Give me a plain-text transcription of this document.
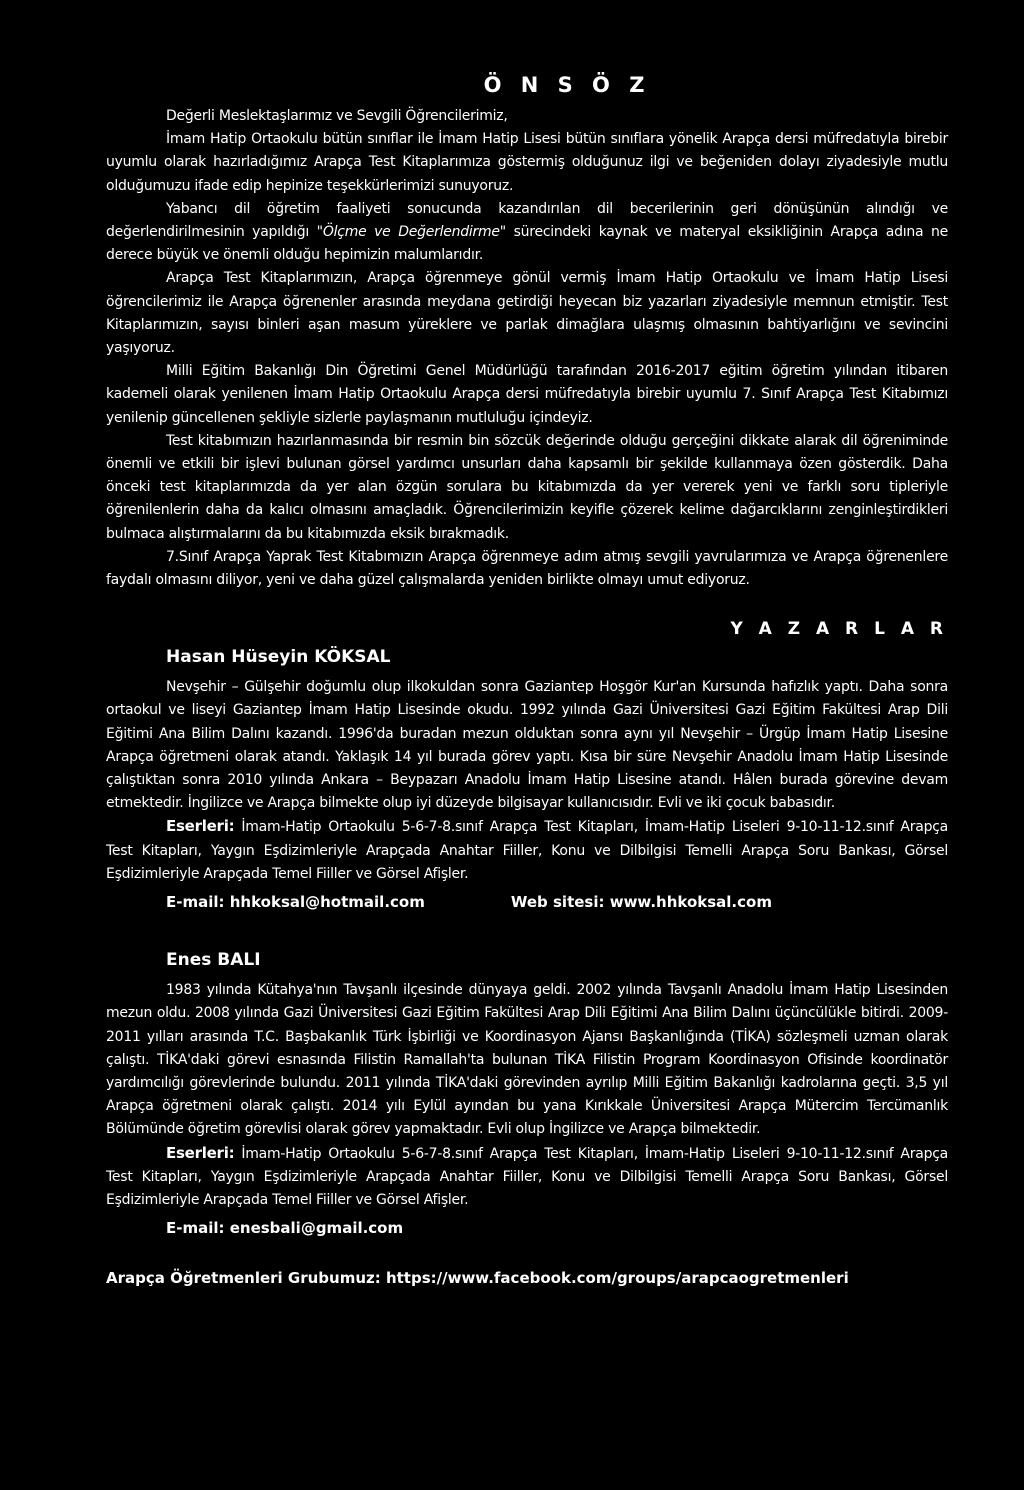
Ö N S Ö Z

Değerli Meslektaşlarımız ve Sevgili Öğrencilerimiz,

İmam Hatip Ortaokulu bütün sınıflar ile İmam Hatip Lisesi bütün sınıflara yönelik Arapça dersi müfredatıyla birebir uyumlu olarak hazırladığımız Arapça Test Kitaplarımıza göstermiş olduğunuz ilgi ve beğeniden dolayı ziyadesiyle mutlu olduğumuzu ifade edip hepinize teşekkürlerimizi sunuyoruz.

Yabancı dil öğretim faaliyeti sonucunda kazandırılan dil becerilerinin geri dönüşünün alındığı ve değerlendirilmesinin yapıldığı "Ölçme ve Değerlendirme" sürecindeki kaynak ve materyal eksikliğinin Arapça adına ne derece büyük ve önemli olduğu hepimizin malumlarıdır.

Arapça Test Kitaplarımızın, Arapça öğrenmeye gönül vermiş İmam Hatip Ortaokulu ve İmam Hatip Lisesi öğrencilerimiz ile Arapça öğrenenler arasında meydana getirdiği heyecan biz yazarları ziyadesiyle memnun etmiştir. Test Kitaplarımızın, sayısı binleri aşan masum yüreklere ve parlak dimağlara ulaşmış olmasının bahtiyarlığını ve sevincini yaşıyoruz.

Milli Eğitim Bakanlığı Din Öğretimi Genel Müdürlüğü tarafından 2016-2017 eğitim öğretim yılından itibaren kademeli olarak yenilenen İmam Hatip Ortaokulu Arapça dersi müfredatıyla birebir uyumlu 7. Sınıf Arapça Test Kitabımızı yenilenip güncellenen şekliyle sizlerle paylaşmanın mutluluğu içindeyiz.

Test kitabımızın hazırlanmasında bir resmin bin sözcük değerinde olduğu gerçeğini dikkate alarak dil öğreniminde önemli ve etkili bir işlevi bulunan görsel yardımcı unsurları daha kapsamlı bir şekilde kullanmaya özen gösterdik. Daha önceki test kitaplarımızda da yer alan özgün sorulara bu kitabımızda da yer vererek yeni ve farklı soru tipleriyle öğrenilenlerin daha da kalıcı olmasını amaçladık. Öğrencilerimizin keyifle çözerek kelime dağarcıklarını zenginleştirdikleri bulmaca alıştırmalarını da bu kitabımızda eksik bırakmadık.

7.Sınıf Arapça Yaprak Test Kitabımızın Arapça öğrenmeye adım atmış sevgili yavrularımıza ve Arapça öğrenenlere faydalı olmasını diliyor, yeni ve daha güzel çalışmalarda yeniden birlikte olmayı umut ediyoruz.

Y A Z A R L A R
Hasan Hüseyin KÖKSAL

Nevşehir – Gülşehir doğumlu olup ilkokuldan sonra Gaziantep Hoşgör Kur'an Kursunda hafızlık yaptı. Daha sonra ortaokul ve liseyi Gaziantep İmam Hatip Lisesinde okudu. 1992 yılında Gazi Üniversitesi Gazi Eğitim Fakültesi Arap Dili Eğitimi Ana Bilim Dalını kazandı. 1996'da buradan mezun olduktan sonra aynı yıl Nevşehir – Ürgüp İmam Hatip Lisesine Arapça öğretmeni olarak atandı. Yaklaşık 14 yıl burada görev yaptı. Kısa bir süre Nevşehir Anadolu İmam Hatip Lisesinde çalıştıktan sonra 2010 yılında Ankara – Beypazarı Anadolu İmam Hatip Lisesine atandı. Hâlen burada görevine devam etmektedir. İngilizce ve Arapça bilmekte olup iyi düzeyde bilgisayar kullanıcısıdır. Evli ve iki çocuk babasıdır.

Eserleri: İmam-Hatip Ortaokulu 5-6-7-8.sınıf Arapça Test Kitapları, İmam-Hatip Liseleri 9-10-11-12.sınıf Arapça Test Kitapları, Yaygın Eşdizimleriyle Arapçada Anahtar Fiiller, Konu ve Dilbilgisi Temelli Arapça Soru Bankası, Görsel Eşdizimleriyle Arapçada Temel Fiiller ve Görsel Afişler.

E-mail: hhkoksal@hotmail.com	Web sitesi: www.hhkoksal.com
Enes BALI

1983 yılında Kütahya'nın Tavşanlı ilçesinde dünyaya geldi. 2002 yılında Tavşanlı Anadolu İmam Hatip Lisesinden mezun oldu. 2008 yılında Gazi Üniversitesi Gazi Eğitim Fakültesi Arap Dili Eğitimi Ana Bilim Dalını üçüncülükle bitirdi. 2009-2011 yılları arasında T.C. Başbakanlık Türk İşbirliği ve Koordinasyon Ajansı Başkanlığında (TİKA) sözleşmeli uzman olarak çalıştı. TİKA'daki görevi esnasında Filistin Ramallah'ta bulunan TİKA Filistin Program Koordinasyon Ofisinde koordinatör yardımcılığı görevlerinde bulundu. 2011 yılında TİKA'daki görevinden ayrılıp Milli Eğitim Bakanlığı kadrolarına geçti. 3,5 yıl Arapça öğretmeni olarak çalıştı. 2014 yılı Eylül ayından bu yana Kırıkkale Üniversitesi Arapça Mütercim Tercümanlık Bölümünde öğretim görevlisi olarak görev yapmaktadır. Evli olup İngilizce ve Arapça bilmektedir.

Eserleri: İmam-Hatip Ortaokulu 5-6-7-8.sınıf Arapça Test Kitapları, İmam-Hatip Liseleri 9-10-11-12.sınıf Arapça Test Kitapları, Yaygın Eşdizimleriyle Arapçada Anahtar Fiiller, Konu ve Dilbilgisi Temelli Arapça Soru Bankası, Görsel Eşdizimleriyle Arapçada Temel Fiiller ve Görsel Afişler.

E-mail: enesbali@gmail.com
Arapça Öğretmenleri Grubumuz: https://www.facebook.com/groups/arapcaogretmenleri
